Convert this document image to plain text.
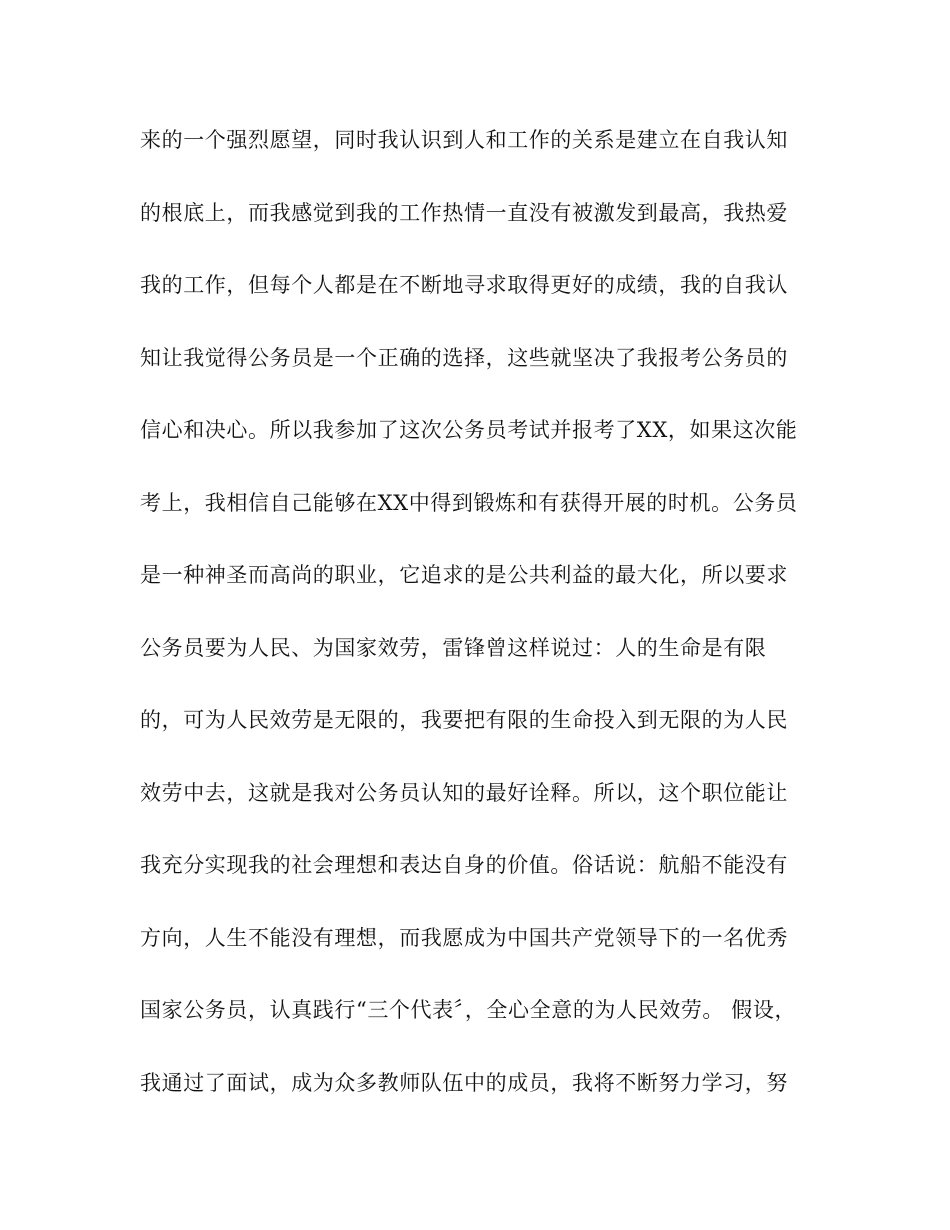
来的一个强烈愿望，同时我认识到人和工作的关系是建立在自我认知
的根底上，而我感觉到我的工作热情一直没有被激发到最高，我热爱
我的工作，但每个人都是在不断地寻求取得更好的成绩，我的自我认
知让我觉得公务员是一个正确的选择，这些就坚决了我报考公务员的
信心和决心。所以我参加了这次公务员考试并报考了XX，如果这次能
考上，我相信自己能够在XX中得到锻炼和有获得开展的时机。公务员
是一种神圣而高尚的职业，它追求的是公共利益的最大化，所以要求
公务员要为人民、为国家效劳，雷锋曾这样说过：人的生命是有限
的，可为人民效劳是无限的，我要把有限的生命投入到无限的为人民
效劳中去，这就是我对公务员认知的最好诠释。所以，这个职位能让
我充分实现我的社会理想和表达自身的价值。俗话说：航船不能没有
方向，人生不能没有理想，而我愿成为中国共产党领导下的一名优秀
国家公务员，认真践行“三个代表〞，全心全意的为人民效劳。 假设，
我通过了面试，成为众多教师队伍中的成员，我将不断努力学习，努
